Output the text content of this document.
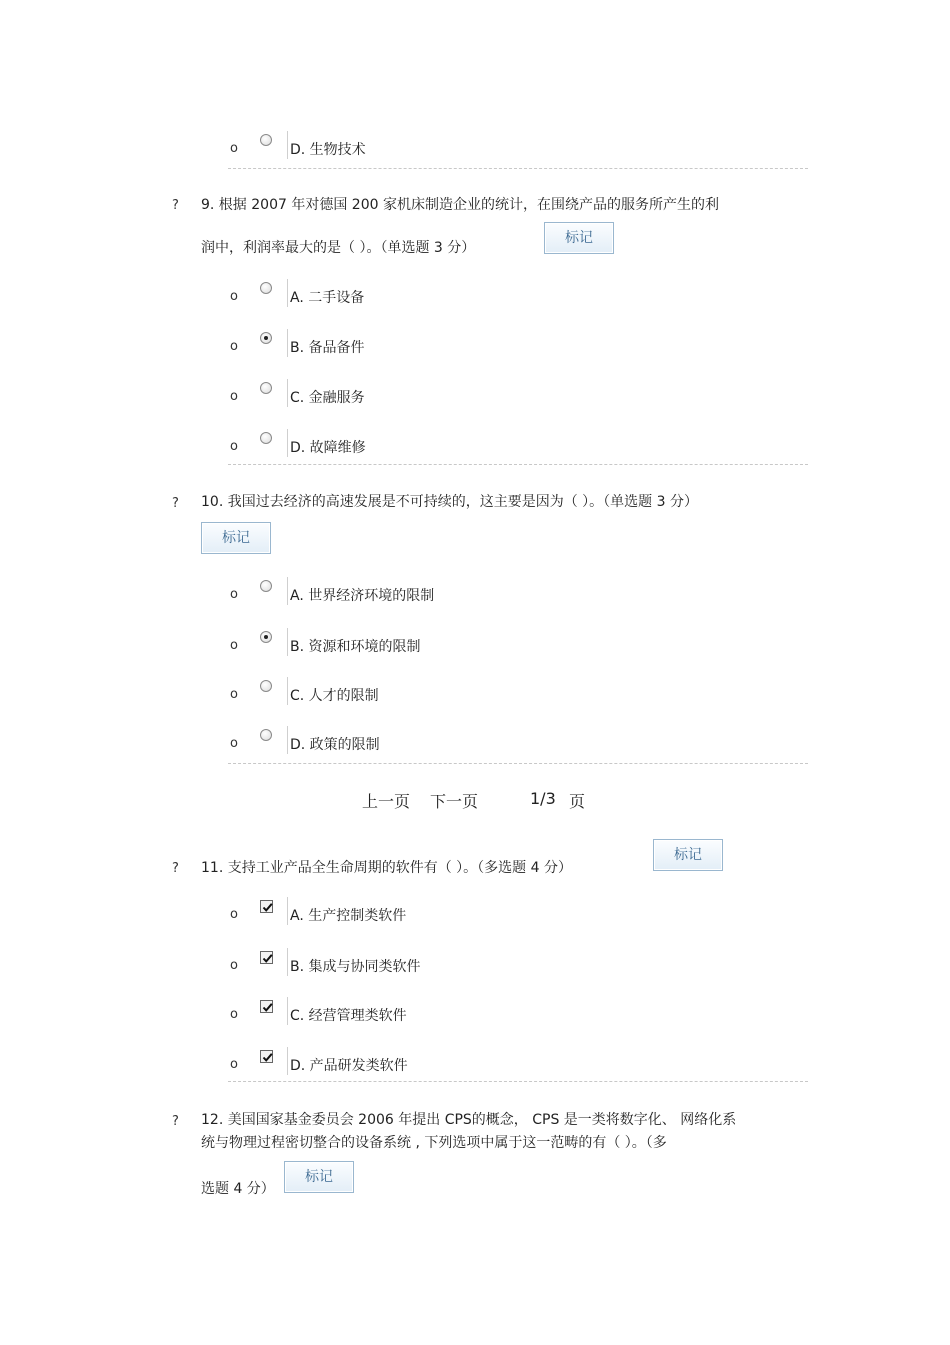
o	D. 生物技术
? 9. 根据 2007 年对德国 200 家机床制造企业的统计，在围绕产品的服务所产生的利
润中，利润率最大的是（ ）。（单选题 3 分）
标记
o	A. 二手设备
o	B. 备品备件
o	C. 金融服务
o	D. 故障维修
? 10. 我国过去经济的高速发展是不可持续的，这主要是因为（ ）。（单选题 3 分）
标记
o	A. 世界经济环境的限制
o	B. 资源和环境的限制
o	C. 人才的限制
o	D. 政策的限制
上一页 下一页	1/3 页
? 11. 支持工业产品全生命周期的软件有（ ）。（多选题 4 分）
标记
o	A. 生产控制类软件
o	B. 集成与协同类软件
o	C. 经营管理类软件
o	D. 产品研发类软件
? 12. 美国国家基金委员会 2006 年提出 CPS的概念， CPS 是一类将数字化、 网络化系
统与物理过程密切整合的设备系统 , 下列选项中属于这一范畴的有（ ）。（多
选题 4 分）
标记
